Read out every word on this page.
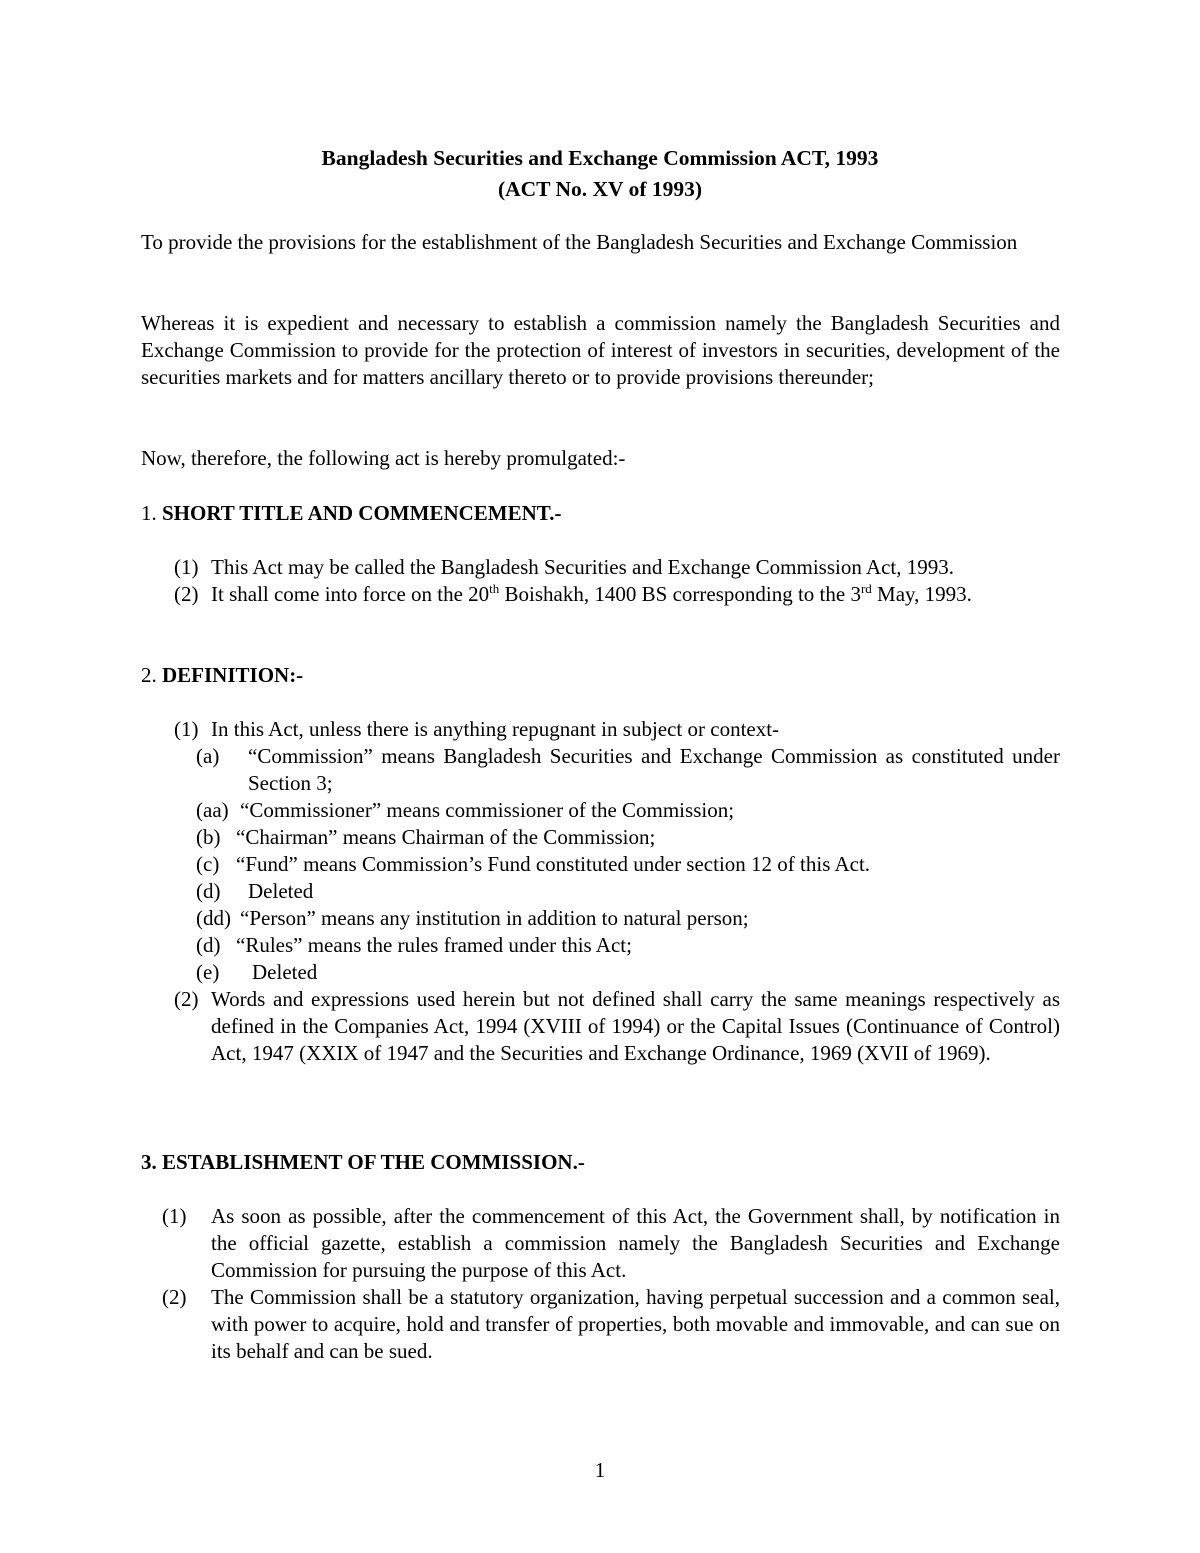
Bangladesh Securities and Exchange Commission ACT, 1993
(ACT No. XV of 1993)

To provide the provisions for the establishment of the Bangladesh Securities and Exchange Commission

Whereas it is expedient and necessary to establish a commission namely the Bangladesh Securities and Exchange Commission to provide for the protection of interest of investors in securities, development of the securities markets and for matters ancillary thereto or to provide provisions thereunder;

Now, therefore, the following act is hereby promulgated:-

1. SHORT TITLE AND COMMENCEMENT.-
(1) This Act may be called the Bangladesh Securities and Exchange Commission Act, 1993.
(2) It shall come into force on the 20th Boishakh, 1400 BS corresponding to the 3rd May, 1993.
2. DEFINITION:-
(1) In this Act, unless there is anything repugnant in subject or context-
(a) “Commission” means Bangladesh Securities and Exchange Commission as constituted under Section 3;
(aa) “Commissioner” means commissioner of the Commission;
(b) “Chairman” means Chairman of the Commission;
(c) “Fund” means Commission’s Fund constituted under section 12 of this Act.
(d) Deleted
(dd) “Person” means any institution in addition to natural person;
(d) “Rules” means the rules framed under this Act;
(e) Deleted
(2) Words and expressions used herein but not defined shall carry the same meanings respectively as defined in the Companies Act, 1994 (XVIII of 1994) or the Capital Issues (Continuance of Control) Act, 1947 (XXIX of 1947 and the Securities and Exchange Ordinance, 1969 (XVII of 1969).
3. ESTABLISHMENT OF THE COMMISSION.-
(1) As soon as possible, after the commencement of this Act, the Government shall, by notification in the official gazette, establish a commission namely the Bangladesh Securities and Exchange Commission for pursuing the purpose of this Act.
(2) The Commission shall be a statutory organization, having perpetual succession and a common seal, with power to acquire, hold and transfer of properties, both movable and immovable, and can sue on its behalf and can be sued.
1
